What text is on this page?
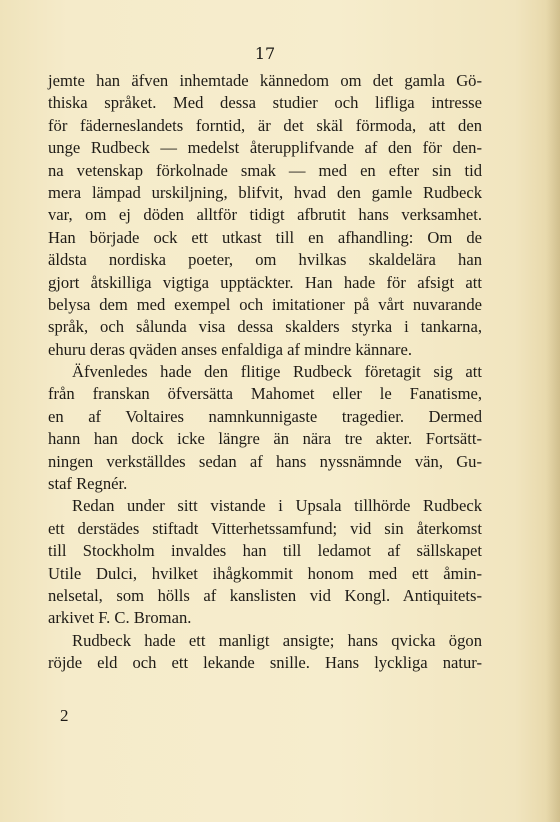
17
jemte han äfven inhemtade kännedom om det gamla Gö-
thiska språket. Med dessa studier och lifliga intresse
för fäderneslandets forntid, är det skäl förmoda, att den
unge Rudbeck — medelst återupplifvande af den för den-
na vetenskap förkolnade smak — med en efter sin tid
mera lämpad urskiljning, blifvit, hvad den gamle Rudbeck
var, om ej döden alltför tidigt afbrutit hans verksamhet.
Han började ock ett utkast till en afhandling: Om de
äldsta nordiska poeter, om hvilkas skaldelära han
gjort åtskilliga vigtiga upptäckter. Han hade för afsigt att
belysa dem med exempel och imitationer på vårt nuvarande
språk, och sålunda visa dessa skalders styrka i tankarna,
ehuru deras qväden anses enfaldiga af mindre kännare.
Äfvenledes hade den flitige Rudbeck företagit sig att
från franskan öfversätta Mahomet eller le Fanatisme,
en af Voltaires namnkunnigaste tragedier. Dermed
hann han dock icke längre än nära tre akter. Fortsätt-
ningen verkställdes sedan af hans nyssnämnde vän, Gu-
staf Regnér.
Redan under sitt vistande i Upsala tillhörde Rudbeck
ett derstädes stiftadt Vitterhetssamfund; vid sin återkomst
till Stockholm invaldes han till ledamot af sällskapet
Utile Dulci, hvilket ihågkommit honom med ett åmin-
nelsetal, som hölls af kanslisten vid Kongl. Antiquitets-
arkivet F. C. Broman.
Rudbeck hade ett manligt ansigte; hans qvicka ögon
röjde eld och ett lekande snille. Hans lyckliga natur-
2
